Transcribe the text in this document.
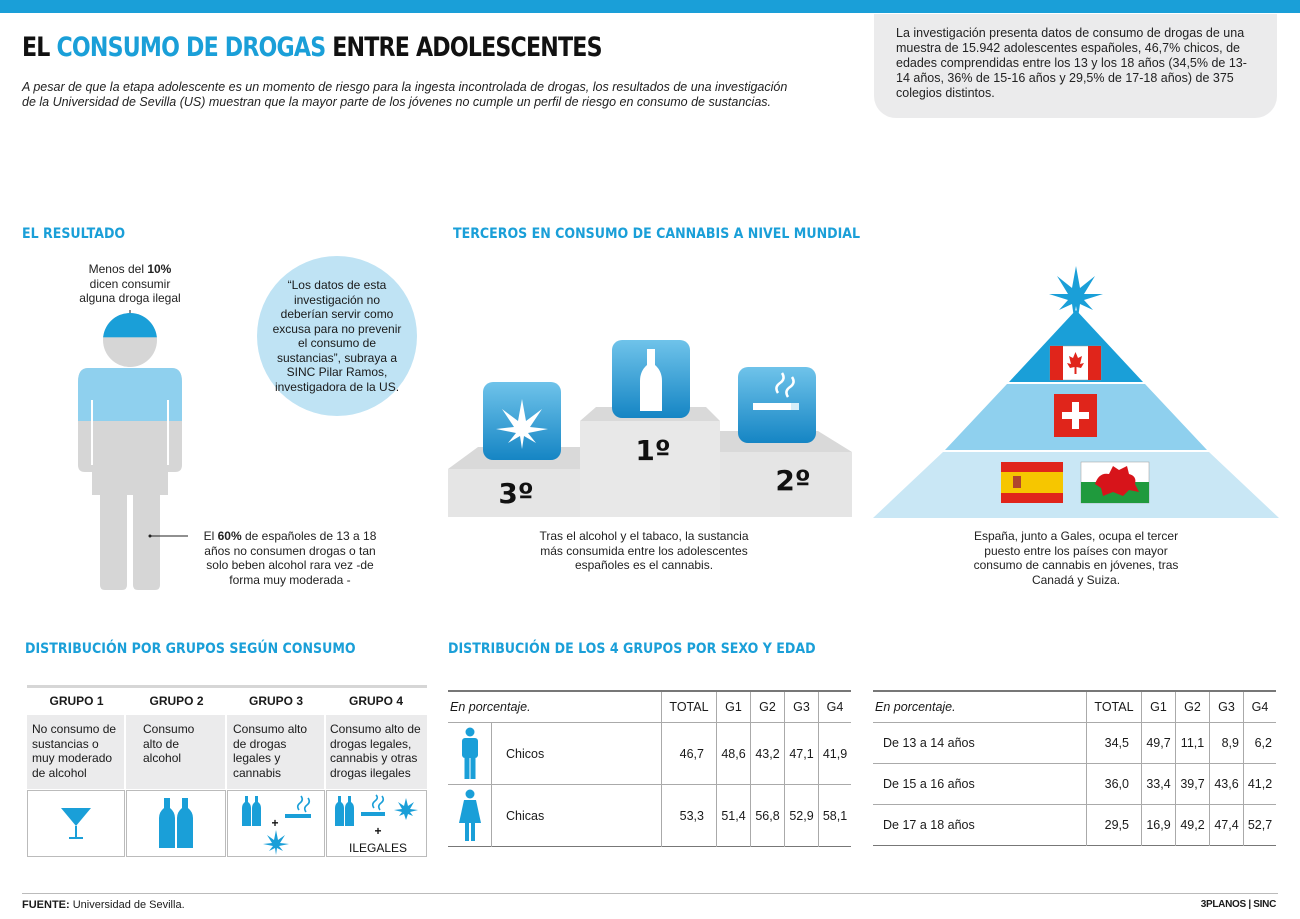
EL CONSUMO DE DROGAS ENTRE ADOLESCENTES
A pesar de que la etapa adolescente es un momento de riesgo para la ingesta incontrolada de drogas, los resultados de una investigación de la Universidad de Sevilla (US) muestran que la mayor parte de los jóvenes no cumple un perfil de riesgo en consumo de sustancias.
La investigación presenta datos de consumo de drogas de una muestra de 15.942 adolescentes españoles, 46,7% chicos, de edades comprendidas entre los 13 y los 18 años (34,5% de 13-14 años, 36% de 15-16 años y 29,5% de 17-18 años) de 375 colegios distintos.
EL RESULTADO
Menos del 10%
dicen consumir alguna droga ilegal
El 60% de españoles de 13 a 18 años no consumen drogas o tan solo beben alcohol rara vez -de forma muy moderada -
“Los datos de esta investigación no deberían servir como excusa para no prevenir el consumo de sustancias”, subraya a SINC Pilar Ramos, investigadora de la US.
TERCEROS EN CONSUMO DE CANNABIS A NIVEL MUNDIAL
1º
2º
3º
Tras el alcohol y el tabaco, la sustancia más consumida entre los adolescentes españoles es el cannabis.
España, junto a Gales, ocupa el tercer puesto entre los países con mayor consumo de cannabis en jóvenes, tras Canadá y Suiza.
DISTRIBUCIÓN POR GRUPOS SEGÚN CONSUMO
GRUPO 1	GRUPO 2	GRUPO 3	GRUPO 4
No consumo de sustancias o muy moderado de alcohol
Consumo alto de alcohol
Consumo alto de drogas legales y cannabis
Consumo alto de drogas legales, cannabis y otras drogas ilegales
+
+
ILEGALES
DISTRIBUCIÓN DE LOS 4 GRUPOS POR SEXO Y EDAD
En porcentaje.	TOTAL	G1	G2	G3	G4
Chicos	46,7	48,6 43,2 47,1 41,9
Chicas	53,3	51,4 56,8 52,9 58,1
En porcentaje.	TOTAL	G1	G2	G3	G4
De 13 a 14 años	34,5	49,7 11,1	8,9	6,2
De 15 a 16 años	36,0	33,4 39,7 43,6 41,2
De 17 a 18 años	29,5	16,9 49,2 47,4 52,7
FUENTE: Universidad de Sevilla.	3PLANOS | SINC
